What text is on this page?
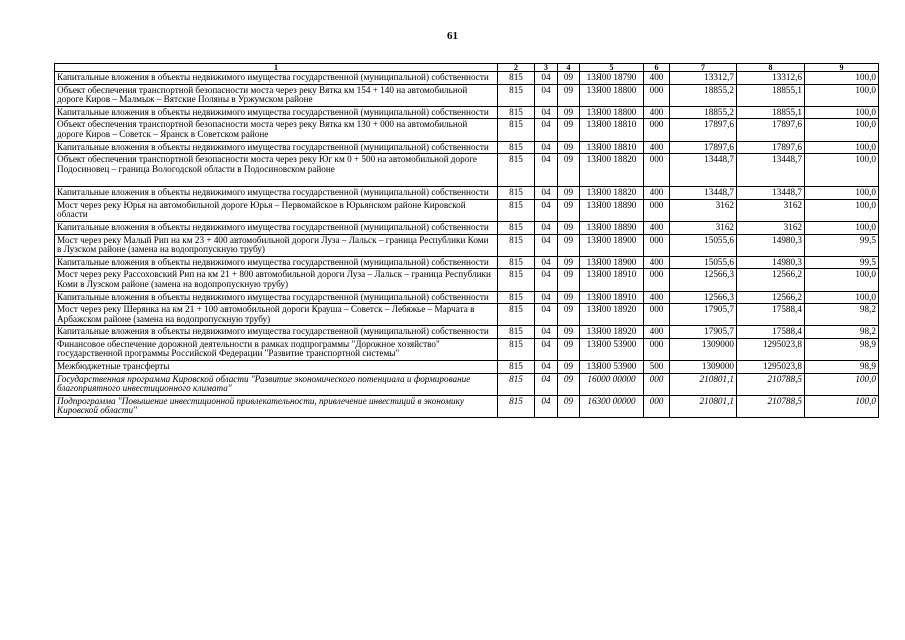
61
1	2	3	4	5	6	7	8	9
Капитальные вложения в объекты недвижимого имущества государственной (муниципальной) собственности	815	04	09	13Я00 18790	400	13312,7	13312,6	100,0
Объект обеспечения транспортной безопасности моста через реку Вятка км 154 + 140 на автомобильной дороге Киров – Малмыж – Вятские Поляны в Уржумском районе	815	04	09	13Я00 18800	000	18855,2	18855,1	100,0
Капитальные вложения в объекты недвижимого имущества государственной (муниципальной) собственности	815	04	09	13Я00 18800	400	18855,2	18855,1	100,0
Объект обеспечения транспортной безопасности моста через реку Вятка км 130 + 000 на автомобильной дороге Киров – Советск – Яранск в Советском районе	815	04	09	13Я00 18810	000	17897,6	17897,6	100,0
Капитальные вложения в объекты недвижимого имущества государственной (муниципальной) собственности	815	04	09	13Я00 18810	400	17897,6	17897,6	100,0
Объект обеспечения транспортной безопасности моста через реку Юг км 0 + 500 на автомобильной дороге Подосиновец – граница Вологодской области в Подосиновском районе	815	04	09	13Я00 18820	000	13448,7	13448,7	100,0
Капитальные вложения в объекты недвижимого имущества государственной (муниципальной) собственности	815	04	09	13Я00 18820	400	13448,7	13448,7	100,0
Мост через реку Юрья на автомобильной дороге Юрья – Первомайское в Юрьянском районе Кировской области	815	04	09	13Я00 18890	000	3162	3162	100,0
Капитальные вложения в объекты недвижимого имущества государственной (муниципальной) собственности	815	04	09	13Я00 18890	400	3162	3162	100,0
Мост через реку Малый Рип на км 23 + 400 автомобильной дороги Луза – Лальск – граница Республики Коми в Лузском районе (замена на водопропускную трубу)	815	04	09	13Я00 18900	000	15055,6	14980,3	99,5
Капитальные вложения в объекты недвижимого имущества государственной (муниципальной) собственности	815	04	09	13Я00 18900	400	15055,6	14980,3	99,5
Мост через реку Рассохoвский Рип на км 21 + 800 автомобильной дороги Луза – Лальск – граница Республики Коми в Лузском районе (замена на водопропускную трубу)	815	04	09	13Я00 18910	000	12566,3	12566,2	100,0
Капитальные вложения в объекты недвижимого имущества государственной (муниципальной) собственности	815	04	09	13Я00 18910	400	12566,3	12566,2	100,0
Мост через реку Шерянка на км 21 + 100 автомобильной дороги Крауша – Советск – Лебяжье – Марчата в Арбажском районе (замена на водопропускную трубу)	815	04	09	13Я00 18920	000	17905,7	17588,4	98,2
Капитальные вложения в объекты недвижимого имущества государственной (муниципальной) собственности	815	04	09	13Я00 18920	400	17905,7	17588,4	98,2
Финансовое обеспечение дорожной деятельности в рамках подпрограммы "Дорожное хозяйство" государственной программы Российской Федерации "Развитие транспортной системы"	815	04	09	13Я00 53900	000	1309000	1295023,8	98,9
Межбюджетные трансферты	815	04	09	13Я00 53900	500	1309000	1295023,8	98,9
Государственная программа Кировской области "Развитие экономического потенциала и формирование благоприятного инвестиционного климата"	815	04	09	16000 00000	000	210801,1	210788,5	100,0
Подпрограмма "Повышение инвестиционной привлекательности, привлечение инвестиций в экономику Кировской области"	815	04	09	16300 00000	000	210801,1	210788,5	100,0
